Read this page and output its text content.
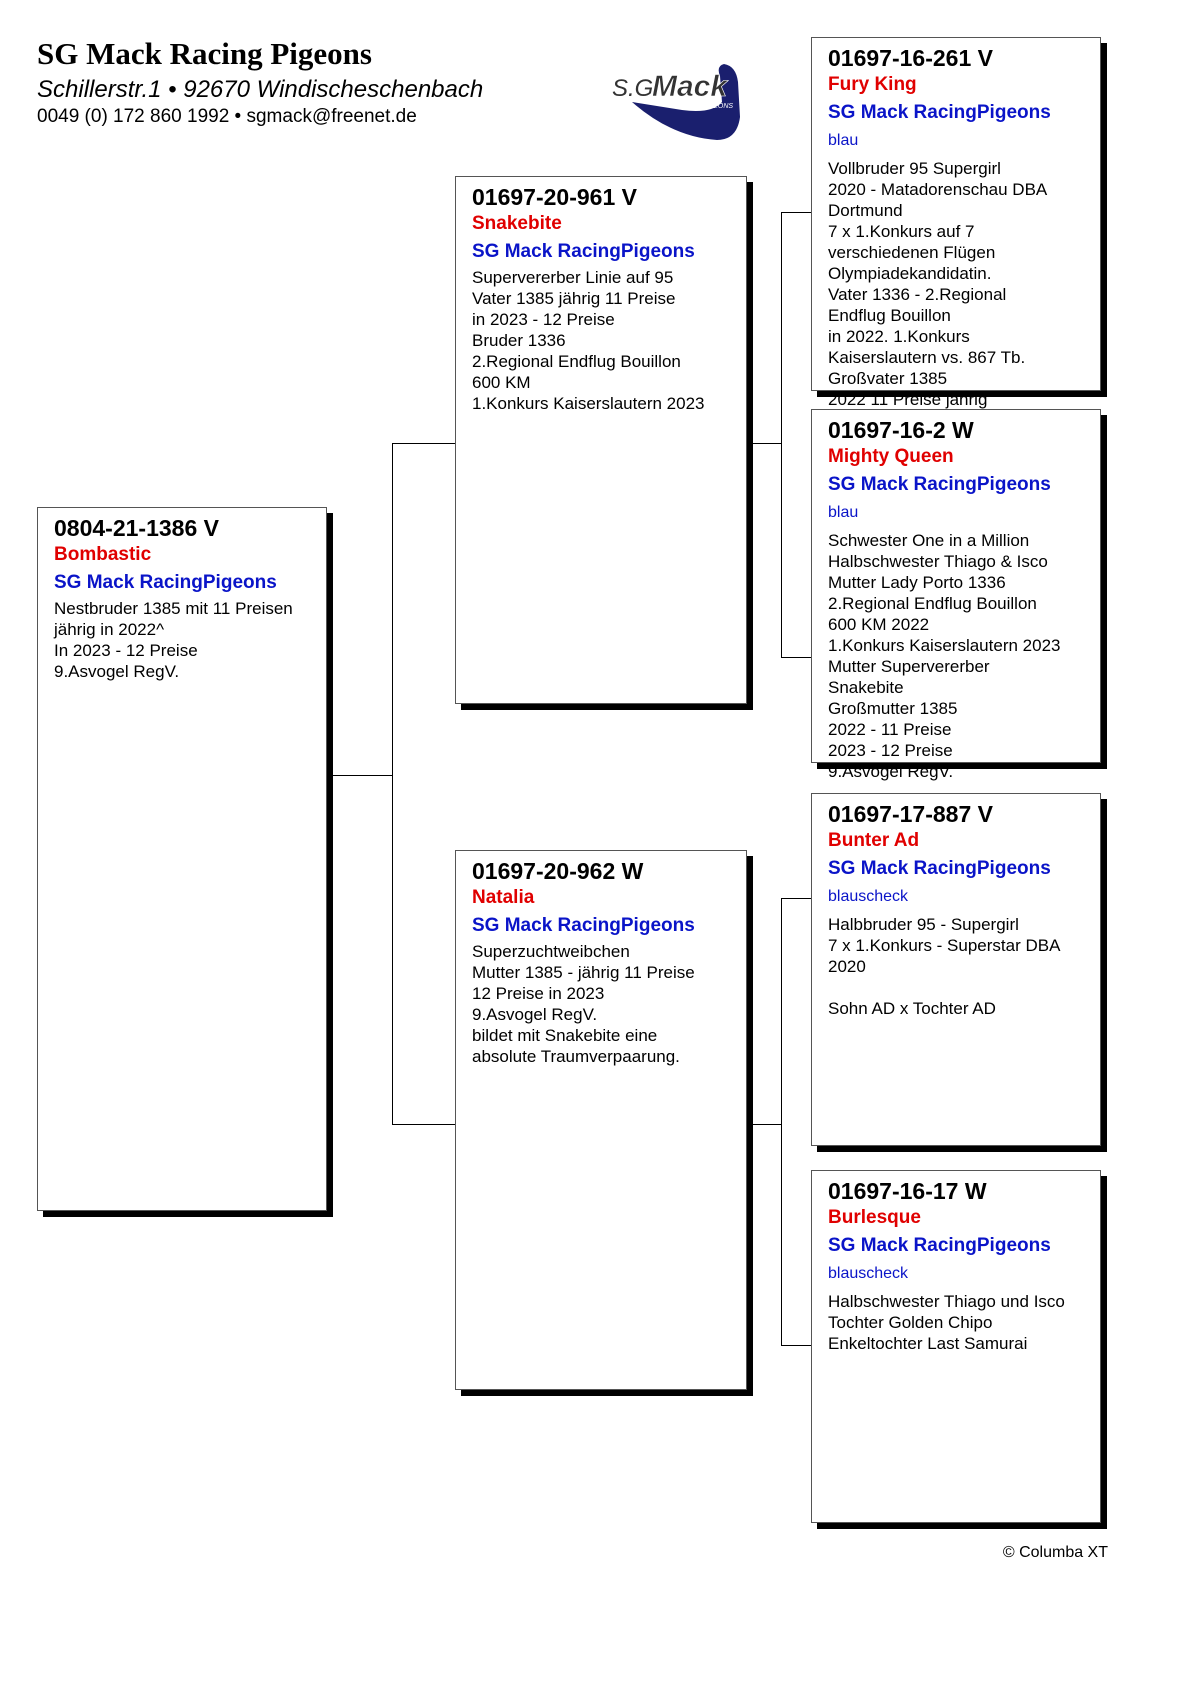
SG Mack Racing Pigeons
Schillerstr.1 • 92670 Windischeschenbach
0049 (0) 172 860 1992 • sgmack@freenet.de
S.G.
Mack
RACING PIGEONS
0804-21-1386 V
Bombastic
SG Mack RacingPigeons
Nestbruder 1385 mit 11 Preisen
jährig in 2022^
In 2023 - 12 Preise
9.Asvogel RegV.
01697-20-961 V
Snakebite
SG Mack RacingPigeons
Supervererber Linie auf 95
Vater 1385 jährig 11 Preise
in 2023 - 12 Preise
Bruder 1336
2.Regional Endflug Bouillon
600 KM
1.Konkurs Kaiserslautern 2023
01697-20-962 W
Natalia
SG Mack RacingPigeons
Superzuchtweibchen
Mutter 1385 - jährig 11 Preise
12 Preise in 2023
9.Asvogel RegV.
bildet mit Snakebite eine
absolute Traumverpaarung.
01697-16-261 V
Fury King
SG Mack RacingPigeons
blau
Vollbruder 95 Supergirl
2020 - Matadorenschau DBA
Dortmund
7 x 1.Konkurs auf 7
verschiedenen Flügen
Olympiadekandidatin.
Vater 1336 - 2.Regional
Endflug Bouillon
in 2022. 1.Konkurs
Kaiserslautern vs. 867 Tb.
Großvater 1385
2022 11 Preise jährig
01697-16-2 W
Mighty Queen
SG Mack RacingPigeons
blau
Schwester One in a Million
Halbschwester Thiago & Isco
Mutter Lady Porto 1336
2.Regional Endflug Bouillon
600 KM 2022
1.Konkurs Kaiserslautern 2023
Mutter Supervererber
Snakebite
Großmutter 1385
2022 - 11 Preise
2023 - 12 Preise
9.Asvogel RegV.
01697-17-887 V
Bunter Ad
SG Mack RacingPigeons
blauscheck
Halbbruder 95 - Supergirl
7 x 1.Konkurs - Superstar DBA
2020

Sohn AD x Tochter AD
01697-16-17 W
Burlesque
SG Mack RacingPigeons
blauscheck
Halbschwester Thiago und Isco
Tochter Golden Chipo
Enkeltochter Last Samurai
© Columba XT
